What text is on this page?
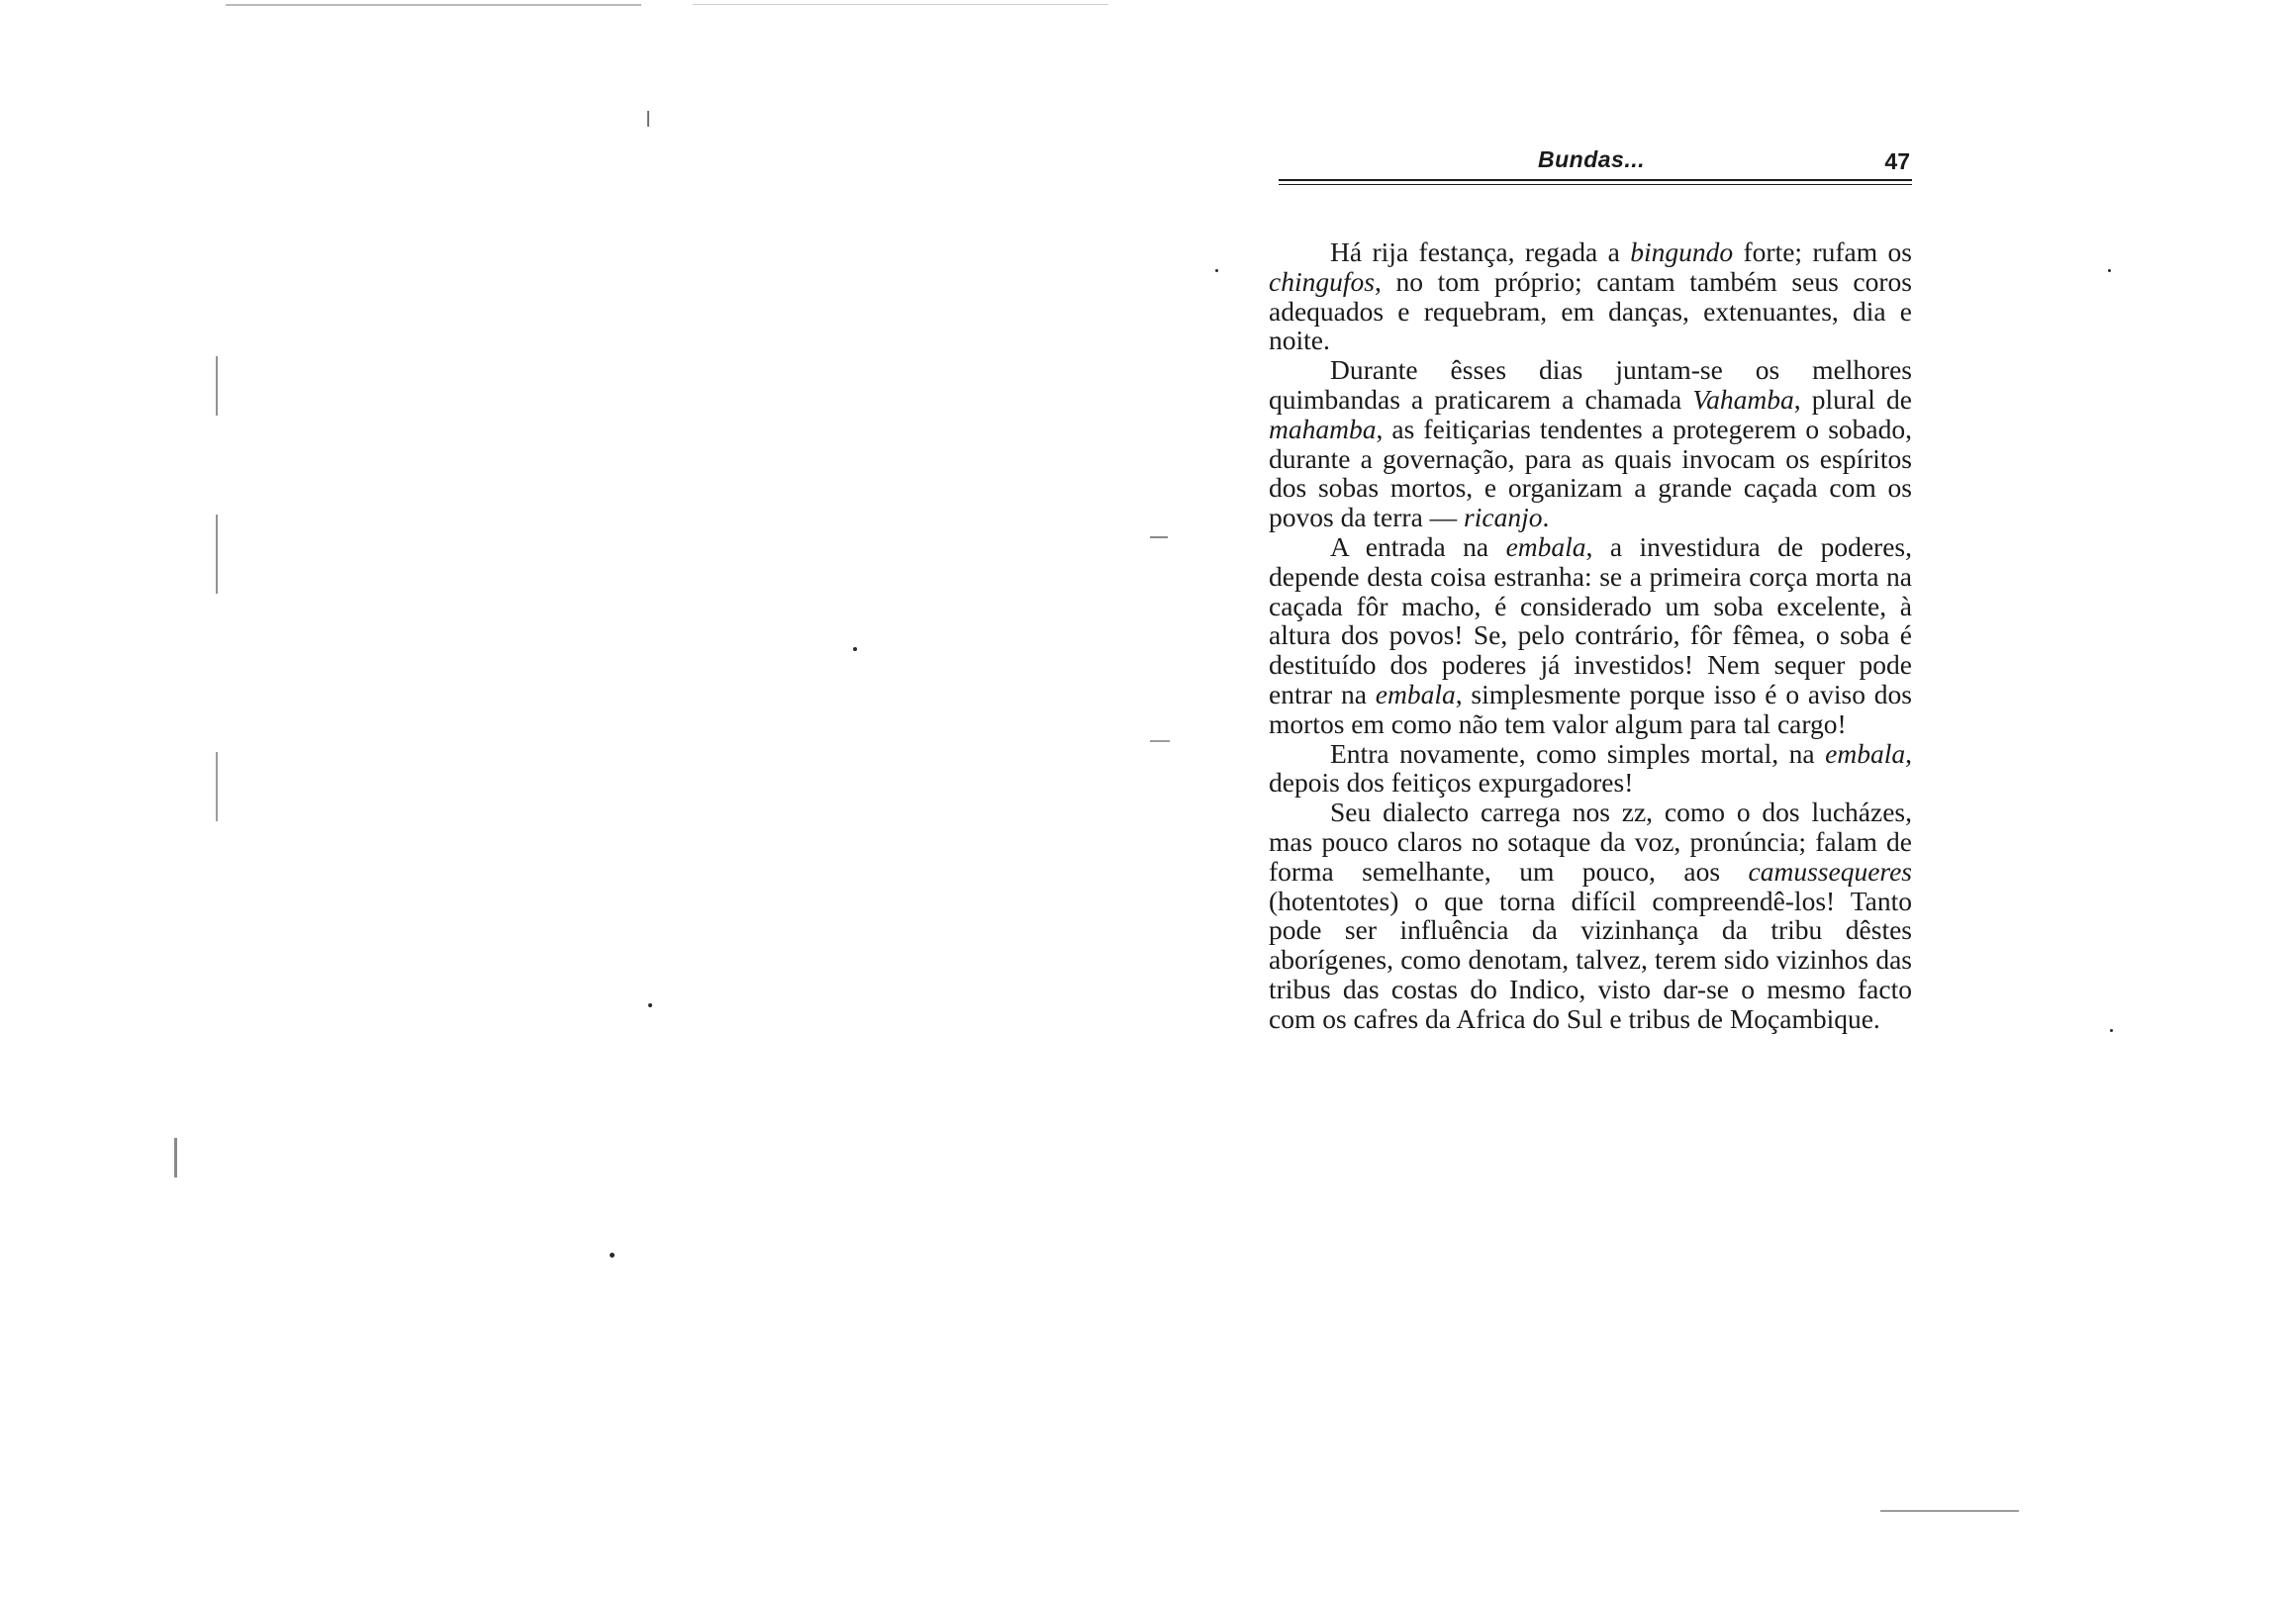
Bundas...	47

Há rija festança, regada a bingundo forte; rufam os chingufos, no tom próprio; cantam também seus coros adequados e requebram, em danças, extenuantes, dia e noite.

Durante êsses dias juntam-se os melhores quimbandas a praticarem a chamada Vahamba, plural de mahamba, as feitiçarias tendentes a protegerem o sobado, durante a governação, para as quais invocam os espíritos dos sobas mortos, e organizam a grande caçada com os povos da terra — ricanjo.

A entrada na embala, a investidura de poderes, depende desta coisa estranha: se a primeira corça morta na caçada fôr macho, é considerado um soba excelente, à altura dos povos! Se, pelo contrário, fôr fêmea, o soba é destituído dos poderes já investidos! Nem sequer pode entrar na embala, simplesmente porque isso é o aviso dos mortos em como não tem valor algum para tal cargo!

Entra novamente, como simples mortal, na embala, depois dos feitiços expurgadores!

Seu dialecto carrega nos zz, como o dos lucházes, mas pouco claros no sotaque da voz, pronúncia; falam de forma semelhante, um pouco, aos camussequeres (hotentotes) o que torna difícil compreendê-los! Tanto pode ser influência da vizinhança da tribu dêstes aborígenes, como denotam, talvez, terem sido vizinhos das tribus das costas do Indico, visto dar-se o mesmo facto com os cafres da Africa do Sul e tribus de Moçambique.
